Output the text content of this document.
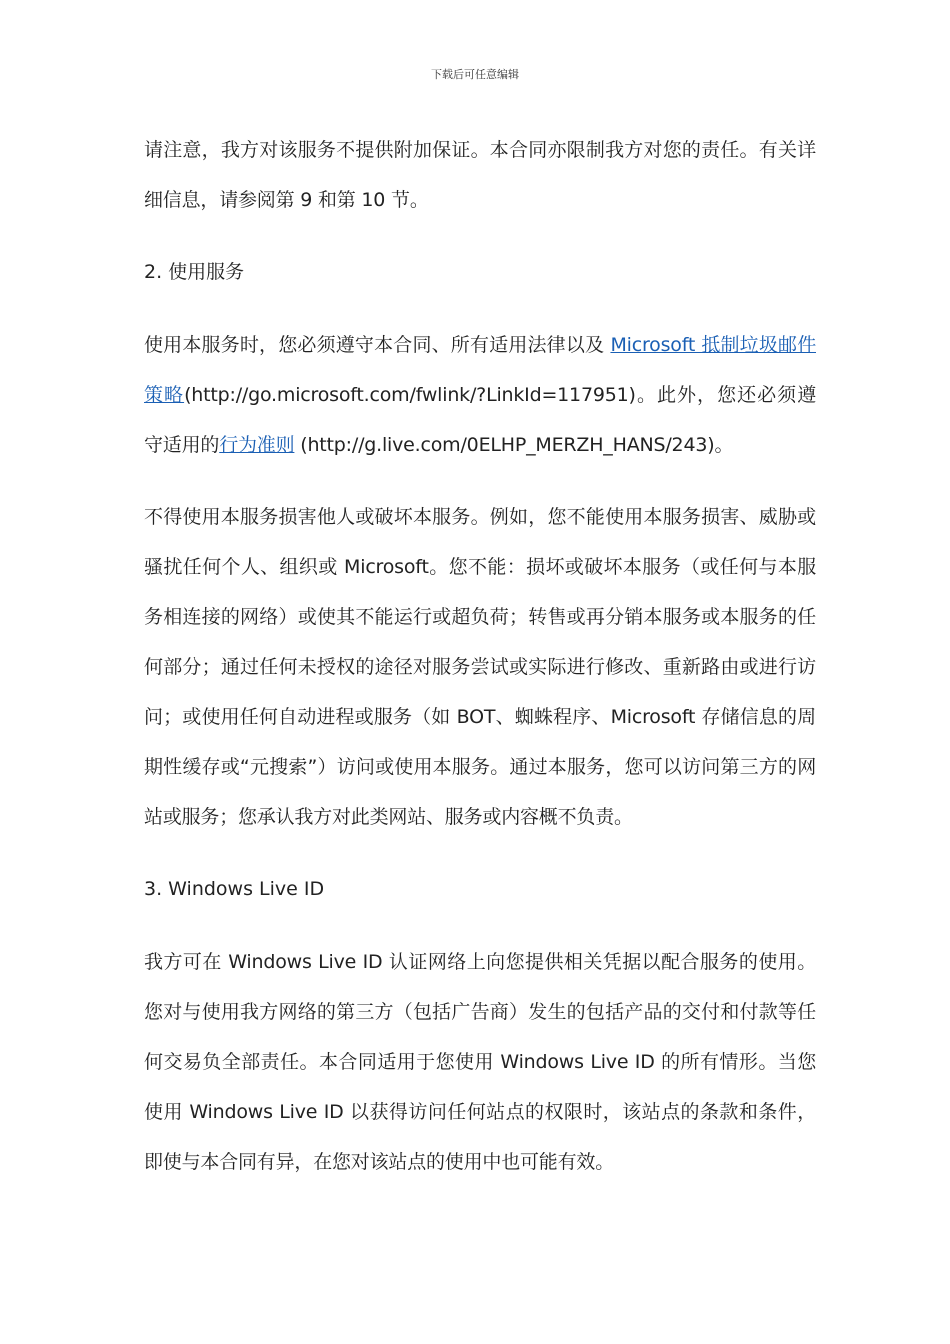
下载后可任意编辑

请注意，我方对该服务不提供附加保证。本合同亦限制我方对您的责任。有关详细信息，请参阅第 9 和第 10 节。

2. 使用服务

使用本服务时，您必须遵守本合同、所有适用法律以及 Microsoft 抵制垃圾邮件策略(http://go.microsoft.com/fwlink/?LinkId=117951)。此外，您还必须遵守适用的行为准则 (http://g.live.com/0ELHP_MERZH_HANS/243)。

不得使用本服务损害他人或破坏本服务。例如，您不能使用本服务损害、威胁或骚扰任何个人、组织或 Microsoft。您不能：损坏或破坏本服务（或任何与本服务相连接的网络）或使其不能运行或超负荷；转售或再分销本服务或本服务的任何部分；通过任何未授权的途径对服务尝试或实际进行修改、重新路由或进行访问；或使用任何自动进程或服务（如 BOT、蜘蛛程序、Microsoft 存储信息的周期性缓存或“元搜索”）访问或使用本服务。通过本服务，您可以访问第三方的网站或服务；您承认我方对此类网站、服务或内容概不负责。

3. Windows Live ID

我方可在 Windows Live ID 认证网络上向您提供相关凭据以配合服务的使用。您对与使用我方网络的第三方（包括广告商）发生的包括产品的交付和付款等任何交易负全部责任。本合同适用于您使用 Windows Live ID 的所有情形。当您使用 Windows Live ID 以获得访问任何站点的权限时，该站点的条款和条件，即使与本合同有异，在您对该站点的使用中也可能有效。
